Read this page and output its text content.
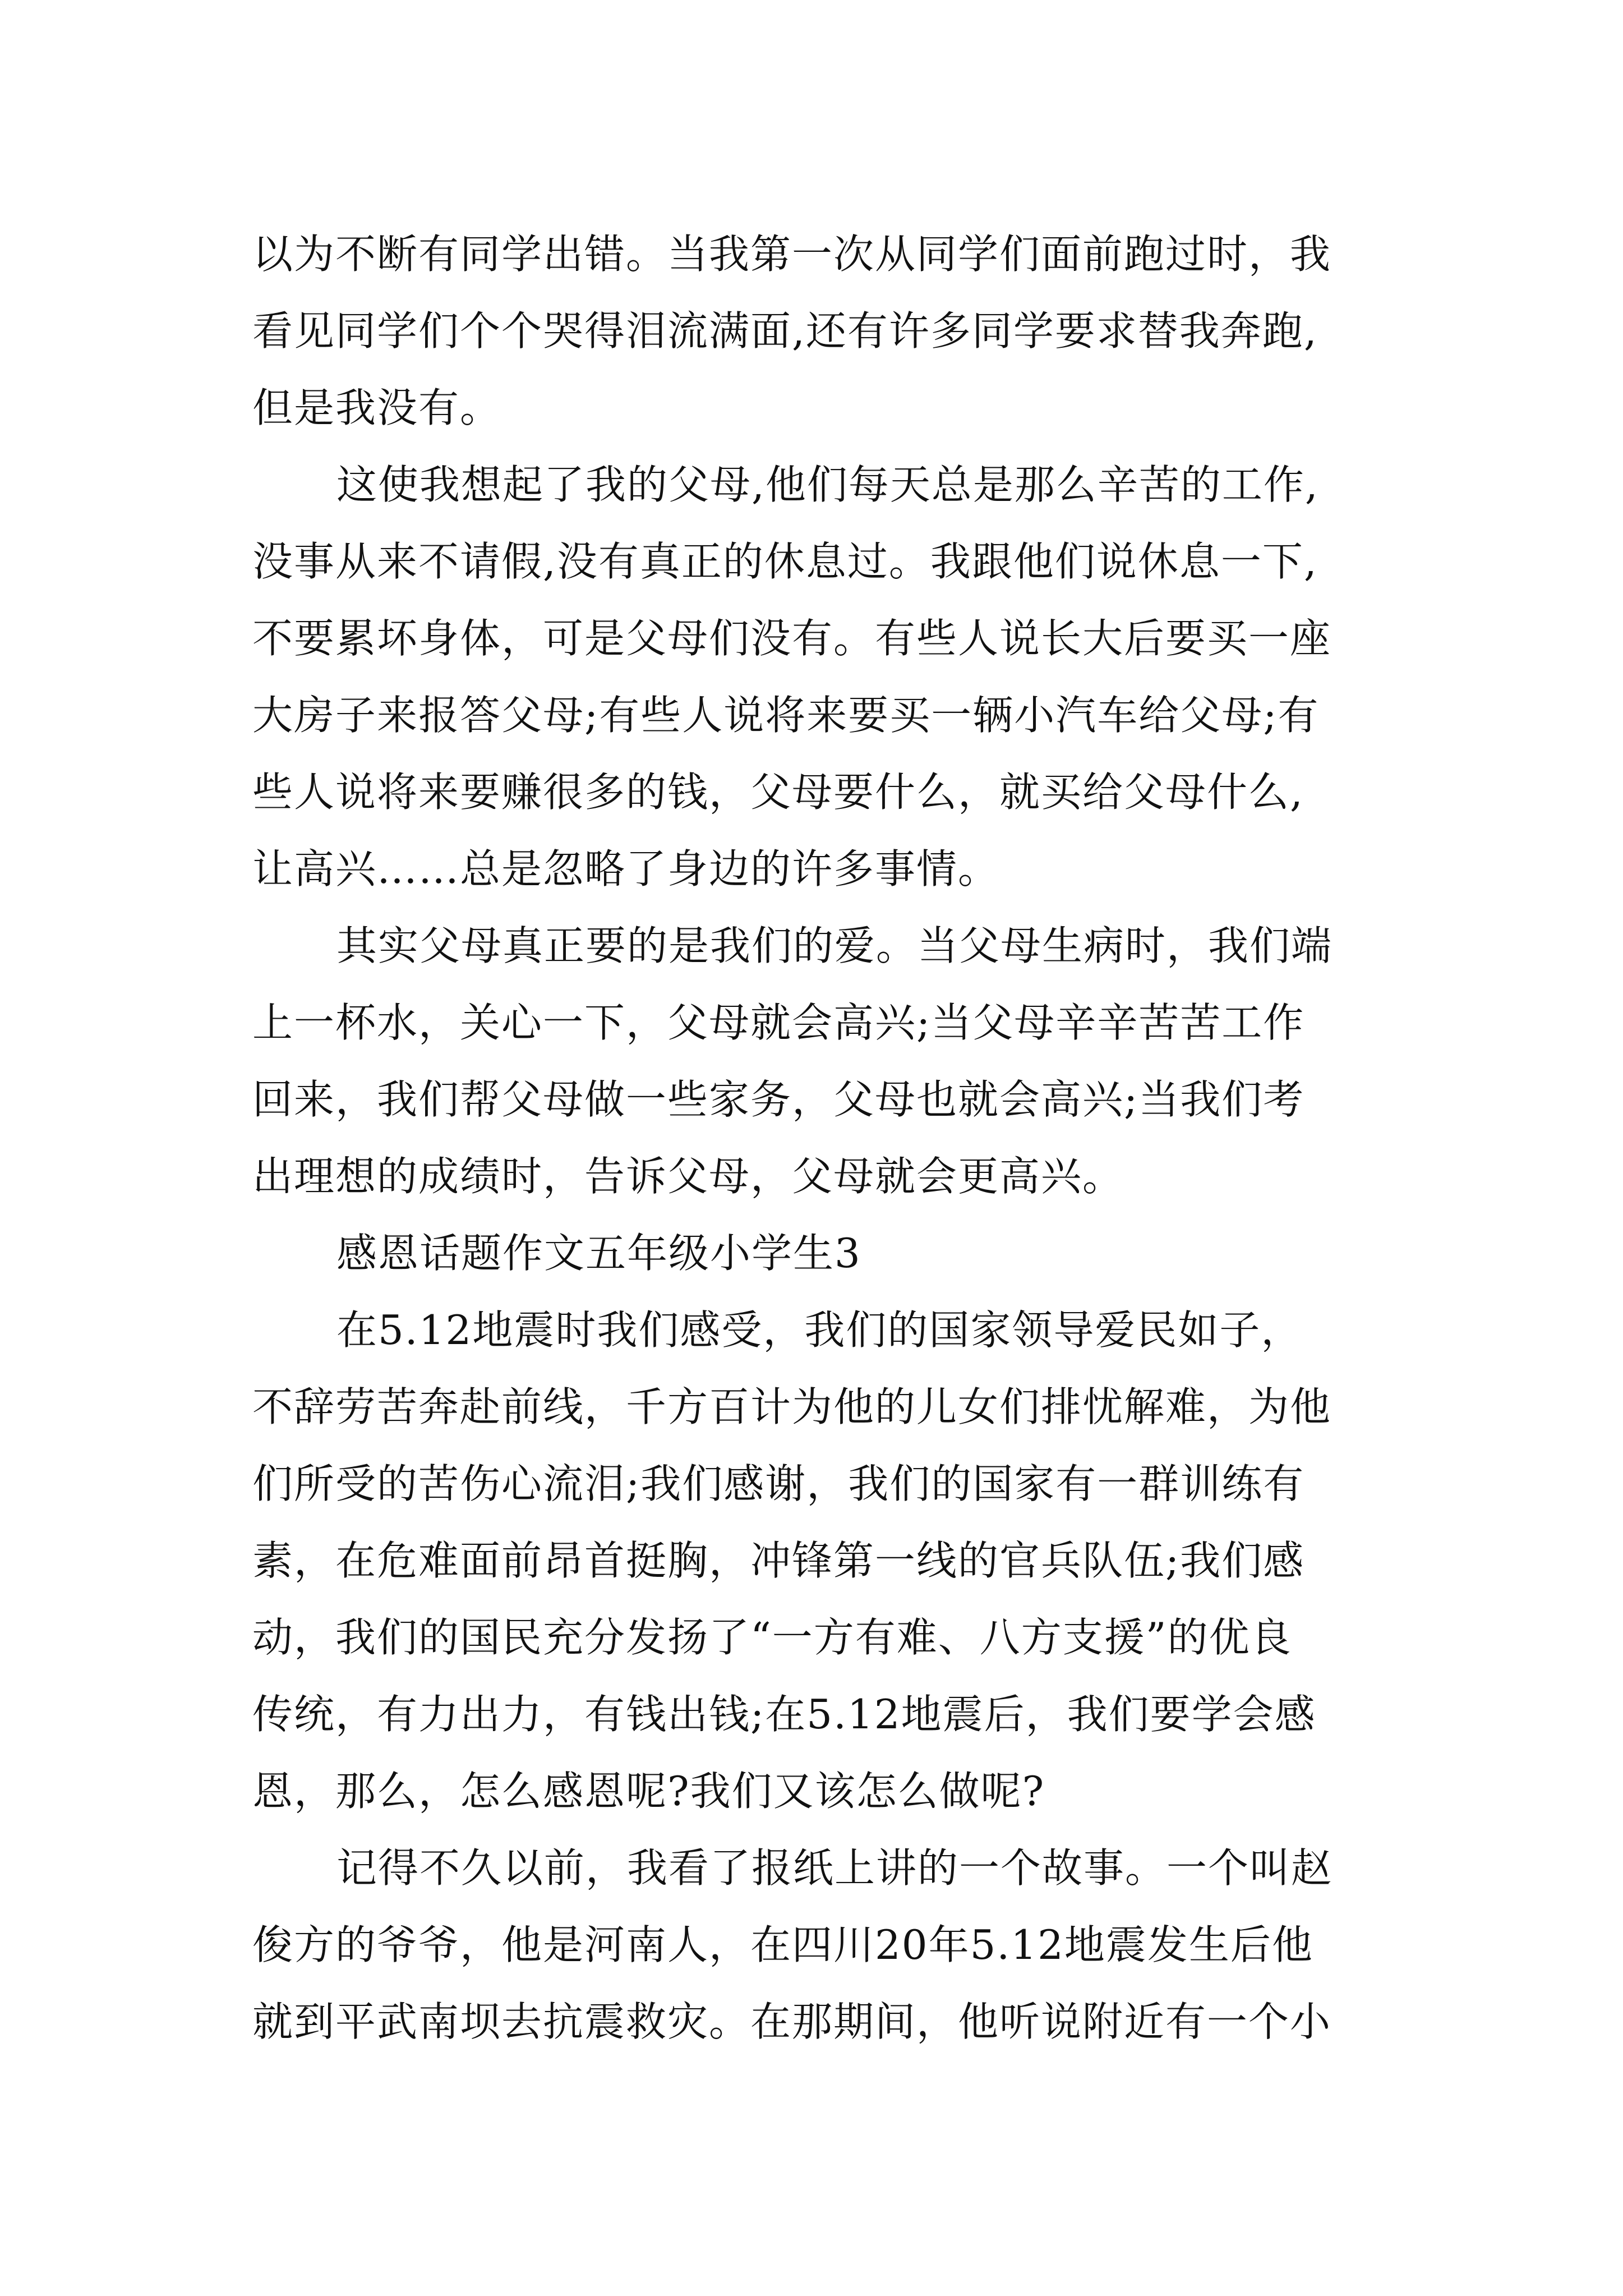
以为不断有同学出错。当我第一次从同学们面前跑过时，我
看见同学们个个哭得泪流满面,还有许多同学要求替我奔跑,
但是我没有。
这使我想起了我的父母,他们每天总是那么辛苦的工作,
没事从来不请假,没有真正的休息过。我跟他们说休息一下,
不要累坏身体，可是父母们没有。有些人说长大后要买一座
大房子来报答父母;有些人说将来要买一辆小汽车给父母;有
些人说将来要赚很多的钱，父母要什么，就买给父母什么,
让高兴……总是忽略了身边的许多事情。
其实父母真正要的是我们的爱。当父母生病时，我们端
上一杯水，关心一下，父母就会高兴;当父母辛辛苦苦工作
回来，我们帮父母做一些家务，父母也就会高兴;当我们考
出理想的成绩时，告诉父母，父母就会更高兴。
感恩话题作文五年级小学生3
在5.12地震时我们感受，我们的国家领导爱民如子，
不辞劳苦奔赴前线，千方百计为他的儿女们排忧解难，为他
们所受的苦伤心流泪;我们感谢，我们的国家有一群训练有
素，在危难面前昂首挺胸，冲锋第一线的官兵队伍;我们感
动，我们的国民充分发扬了“一方有难、八方支援”的优良
传统，有力出力，有钱出钱;在5.12地震后，我们要学会感
恩，那么，怎么感恩呢?我们又该怎么做呢?
记得不久以前，我看了报纸上讲的一个故事。一个叫赵
俊方的爷爷，他是河南人，在四川20年5.12地震发生后他
就到平武南坝去抗震救灾。在那期间，他听说附近有一个小
